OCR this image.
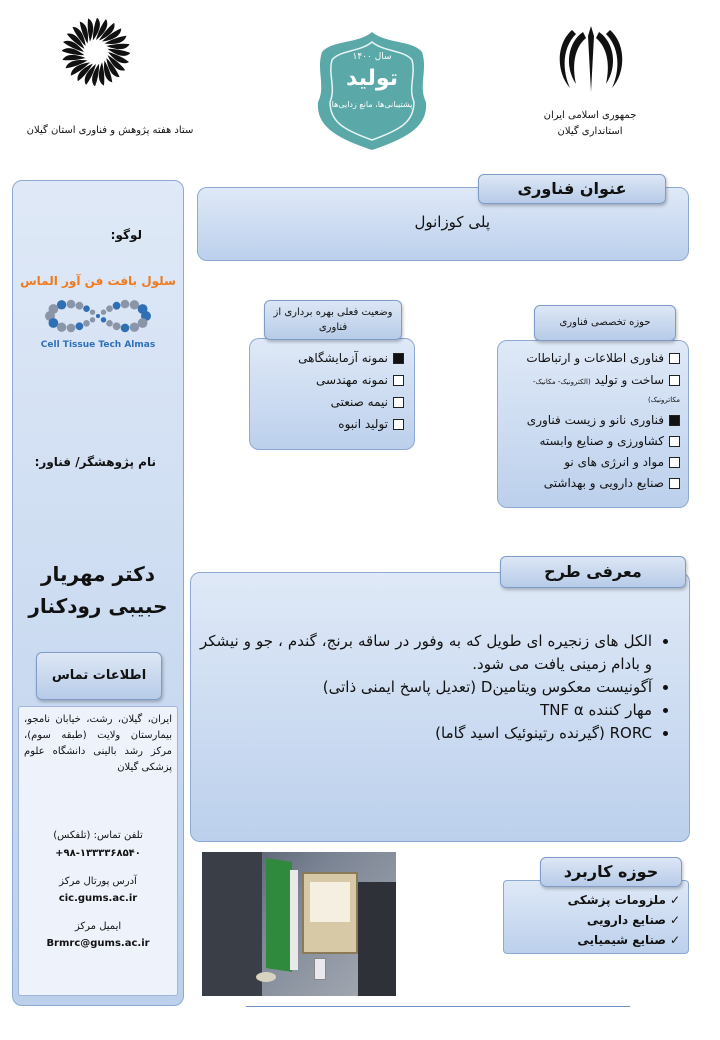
ستاد هفته پژوهش و فناوری استان گیلان
سال ۱۴۰۰
تولید
پشتیبانی‌ها، مانع زدایی‌ها
جمهوری اسلامی ایران
استانداری گیلان
لوگو:
سلول بافت فن آور الماس
Cell Tissue Tech Almas
نام پژوهشگر/ فناور:
دکتر مهریار
حبیبی رودکنار
اطلاعات تماس
ایران، گیلان، رشت، خیابان نامجو، بیمارستان ولایت (طبقه سوم)، مرکز رشد بالینی دانشگاه علوم پزشکی گیلان
تلفن تماس: (تلفکس)
+۹۸-۱۳۳۳۳۶۸۵۴۰
آدرس پورتال مرکز
cic.gums.ac.ir
ایمیل مرکز
Brmrc@gums.ac.ir
عنوان فناوری
پلی کوزانول
وضعیت فعلی بهره برداری از فناوری
نمونه آزمایشگاهی
نمونه مهندسی
نیمه صنعتی
تولید انبوه
حوزه تخصصی فناوری
فناوری اطلاعات و ارتباطات
ساخت و تولید (الکترونیک- مکانیک- مکاترونیک)
فناوری نانو و زیست فناوری
کشاورزی و صنایع وابسته
مواد و انرژی های نو
صنایع دارویی و بهداشتی
معرفی طرح
• الکل های زنجیره ای طویل که به وفور در ساقه برنج، گندم ، جو و نیشکر و بادام زمینی یافت می شود.
• آگونیست معکوس ویتامینD (تعدیل پاسخ ایمنی ذاتی)
• مهار کننده TNF α
• RORC (گیرنده رتینوئیک اسید گاما)
حوزه کاربرد
✓ملزومات پزشکی
✓صنایع دارویی
✓صنایع شیمیایی
